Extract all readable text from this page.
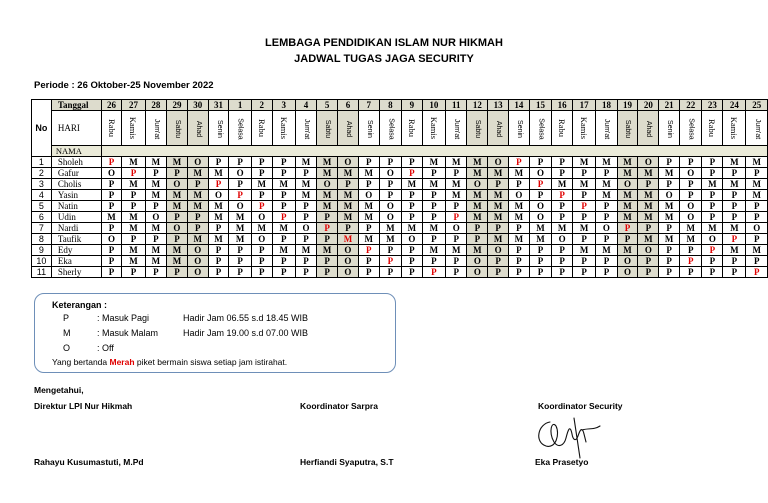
LEMBAGA PENDIDIKAN ISLAM NUR HIKMAH
JADWAL TUGAS JAGA SECURITY
Periode : 26 Oktober-25 November 2022
No	Tanggal	26	27	28	29	30	31	1	2	3	4	5	6	7	8	9	10	11	12	13	14	15	16	17	18	19	20	21	22	23	24	25
	HARI	Rabu	Kamis	Jum'at	Sabtu	Ahad	Senin	Selasa	Rabu	Kamis	Jum'at	Sabtu	Ahad	Senin	Selasa	Rabu	Kamis	Jum'at	Sabtu	Ahad	Senin	Selasa	Rabu	Kamis	Jum'at	Sabtu	Ahad	Senin	Selasa	Rabu	Kamis	Jum'at
	NAMA																															
1	Sholeh	P	M	M	M	O	P	P	P	P	M	M	O	P	P	P	M	M	M	O	P	P	P	M	M	M	O	P	P	P	M	M
2	Gafur	O	P	P	P	M	M	O	P	P	P	M	M	M	O	P	P	P	M	M	M	O	P	P	P	M	M	M	O	P	P	P
3	Cholis	P	M	M	O	P	P	P	M	M	M	O	P	P	P	M	M	M	O	P	P	P	M	M	M	O	P	P	P	M	M	M
4	Yasin	P	P	M	M	M	O	P	P	P	M	M	M	O	P	P	P	M	M	M	O	P	P	P	M	M	M	O	P	P	P	M
5	Natin	P	P	P	M	M	M	O	P	P	P	M	M	M	O	P	P	P	M	M	M	O	P	P	P	M	M	M	O	P	P	P
6	Udin	M	M	O	P	P	M	M	O	P	P	P	M	M	O	P	P	P	M	M	M	O	P	P	P	M	M	M	O	P	P	P
7	Nardi	P	M	M	O	P	P	M	M	M	O	P	P	P	M	M	M	O	P	P	P	M	M	M	O	P	P	P	M	M	M	O
8	Taufik	O	P	P	P	M	M	M	O	P	P	P	M	M	M	O	P	P	P	M	M	M	O	P	P	P	M	M	M	O	P	P
9	Edy	P	M	M	M	O	P	P	P	M	M	M	O	P	P	P	M	M	M	O	P	P	P	M	M	M	O	P	P	P	M	M
10	Eka	P	M	M	M	O	P	P	P	P	P	P	O	P	P	P	P	P	O	P	P	P	P	P	P	O	P	P	P	P	P	P
11	Sherly	P	P	P	P	O	P	P	P	P	P	P	O	P	P	P	P	P	O	P	P	P	P	P	P	O	P	P	P	P	P	P
Keterangan :
P	: Masuk Pagi	Hadir Jam 06.55 s.d 18.45 WIB
M	: Masuk Malam	Hadir Jam 19.00 s.d 07.00 WIB
O	: Off
Yang bertanda Merah piket bermain siswa setiap jam istirahat.
Mengetahui,
Direktur LPI Nur Hikmah	Koordinator Sarpra	Koordinator Security
Rahayu Kusumastuti, M.Pd	Herfiandi Syaputra, S.T	Eka Prasetyo
